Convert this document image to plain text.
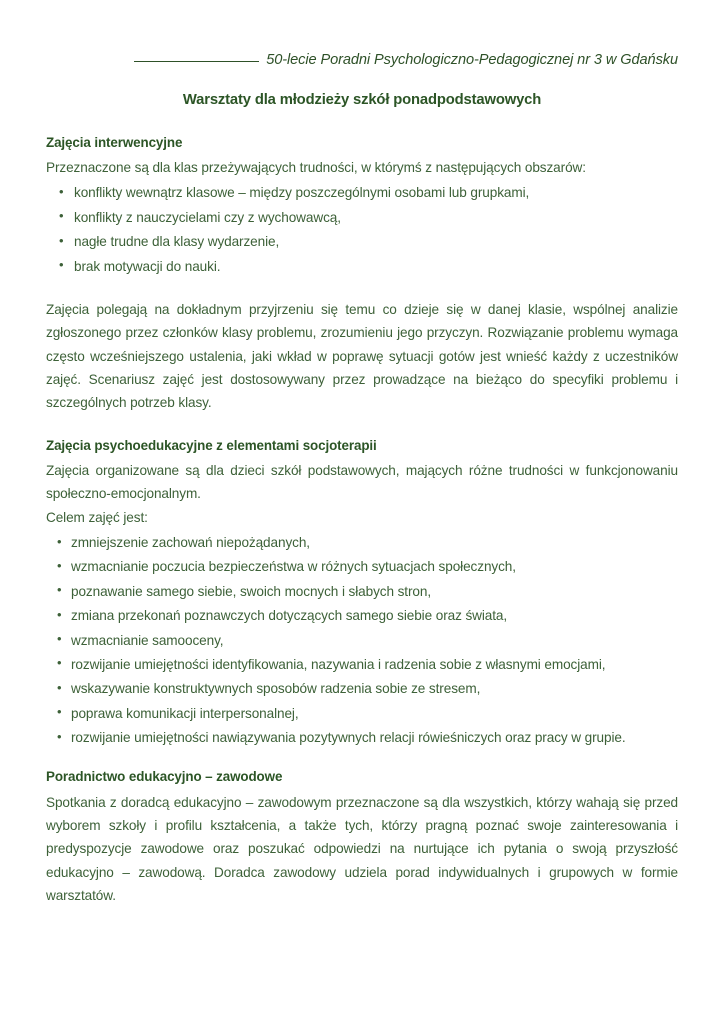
50-lecie Poradni Psychologiczno-Pedagogicznej nr 3 w Gdańsku
Warsztaty dla młodzieży szkół ponadpodstawowych
Zajęcia interwencyjne

Przeznaczone są dla klas przeżywających trudności, w którymś z następujących obszarów:

• konflikty wewnątrz klasowe – między poszczególnymi osobami lub grupkami,
• konflikty z nauczycielami czy z wychowawcą,
• nagłe trudne dla klasy wydarzenie,
• brak motywacji do nauki.

Zajęcia polegają na dokładnym przyjrzeniu się temu co dzieje się w danej klasie, wspólnej analizie zgłoszonego przez członków klasy problemu, zrozumieniu jego przyczyn. Rozwiązanie problemu wymaga często wcześniejszego ustalenia, jaki wkład w poprawę sytuacji gotów jest wnieść każdy z uczestników zajęć. Scenariusz zajęć jest dostosowywany przez prowadzące na bieżąco do specyfiki problemu i szczególnych potrzeb klasy.

Zajęcia psychoedukacyjne z elementami socjoterapii

Zajęcia organizowane są dla dzieci szkół podstawowych, mających różne trudności w funkcjonowaniu społeczno-emocjonalnym.

Celem zajęć jest:

• zmniejszenie zachowań niepożądanych,
• wzmacnianie poczucia bezpieczeństwa w różnych sytuacjach społecznych,
• poznawanie samego siebie, swoich mocnych i słabych stron,
• zmiana przekonań poznawczych dotyczących samego siebie oraz świata,
• wzmacnianie samooceny,
• rozwijanie umiejętności identyfikowania, nazywania i radzenia sobie z własnymi emocjami,
• wskazywanie konstruktywnych sposobów radzenia sobie ze stresem,
• poprawa komunikacji interpersonalnej,
• rozwijanie umiejętności nawiązywania pozytywnych relacji rówieśniczych oraz pracy w grupie.
Poradnictwo edukacyjno – zawodowe

Spotkania z doradcą edukacyjno – zawodowym przeznaczone są dla wszystkich, którzy wahają się przed wyborem szkoły i profilu kształcenia, a także tych, którzy pragną poznać swoje zainteresowania i predyspozycje zawodowe oraz poszukać odpowiedzi na nurtujące ich pytania o swoją przyszłość edukacyjno – zawodową. Doradca zawodowy udziela porad indywidualnych i grupowych w formie warsztatów.
